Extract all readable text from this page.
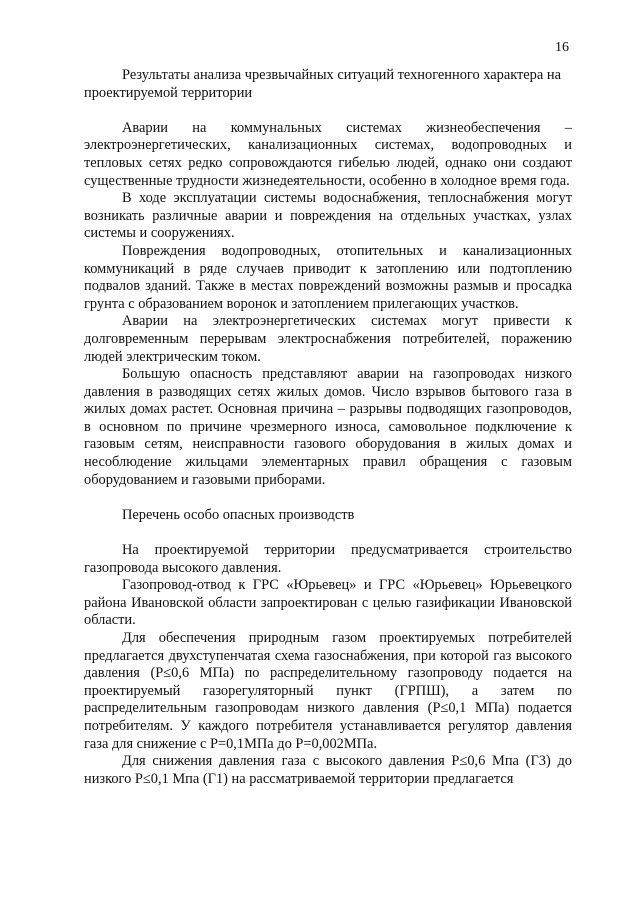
16

Результаты анализа чрезвычайных ситуаций техногенного характера на проектируемой территории

Аварии на коммунальных системах жизнеобеспечения – электроэнергетических, канализационных системах, водопроводных и тепловых сетях редко сопровождаются гибелью людей, однако они создают существенные трудности жизнедеятельности, особенно в холодное время года.

В ходе эксплуатации системы водоснабжения, теплоснабжения могут возникать различные аварии и повреждения на отдельных участках, узлах системы и сооружениях.

Повреждения водопроводных, отопительных и канализационных коммуникаций в ряде случаев приводит к затоплению или подтоплению подвалов зданий. Также в местах повреждений возможны размыв и просадка грунта с образованием воронок и затоплением прилегающих участков.

Аварии на электроэнергетических системах могут привести к долговременным перерывам электроснабжения потребителей, поражению людей электрическим током.

Большую опасность представляют аварии на газопроводах низкого давления в разводящих сетях жилых домов. Число взрывов бытового газа в жилых домах растет. Основная причина – разрывы подводящих газопроводов, в основном по причине чрезмерного износа, самовольное подключение к газовым сетям, неисправности газового оборудования в жилых домах и несоблюдение жильцами элементарных правил обращения с газовым оборудованием и газовыми приборами.

Перечень особо опасных производств

На проектируемой территории предусматривается строительство газопровода высокого давления.

Газопровод-отвод к ГРС «Юрьевец» и ГРС «Юрьевец» Юрьевецкого района Ивановской области запроектирован с целью газификации Ивановской области.

Для обеспечения природным газом проектируемых потребителей предлагается двухступенчатая схема газоснабжения, при которой газ высокого давления (Р≤0,6 МПа) по распределительному газопроводу подается на проектируемый газорегуляторный пункт (ГРПШ), а затем по распределительным газопроводам низкого давления (Р≤0,1 МПа) подается потребителям. У каждого потребителя устанавливается регулятор давления газа для снижение с Р=0,1МПа до Р=0,002МПа.

Для снижения давления газа с высокого давления Р≤0,6 Мпа (Г3) до низкого Р≤0,1 Мпа (Г1) на рассматриваемой территории предлагается
